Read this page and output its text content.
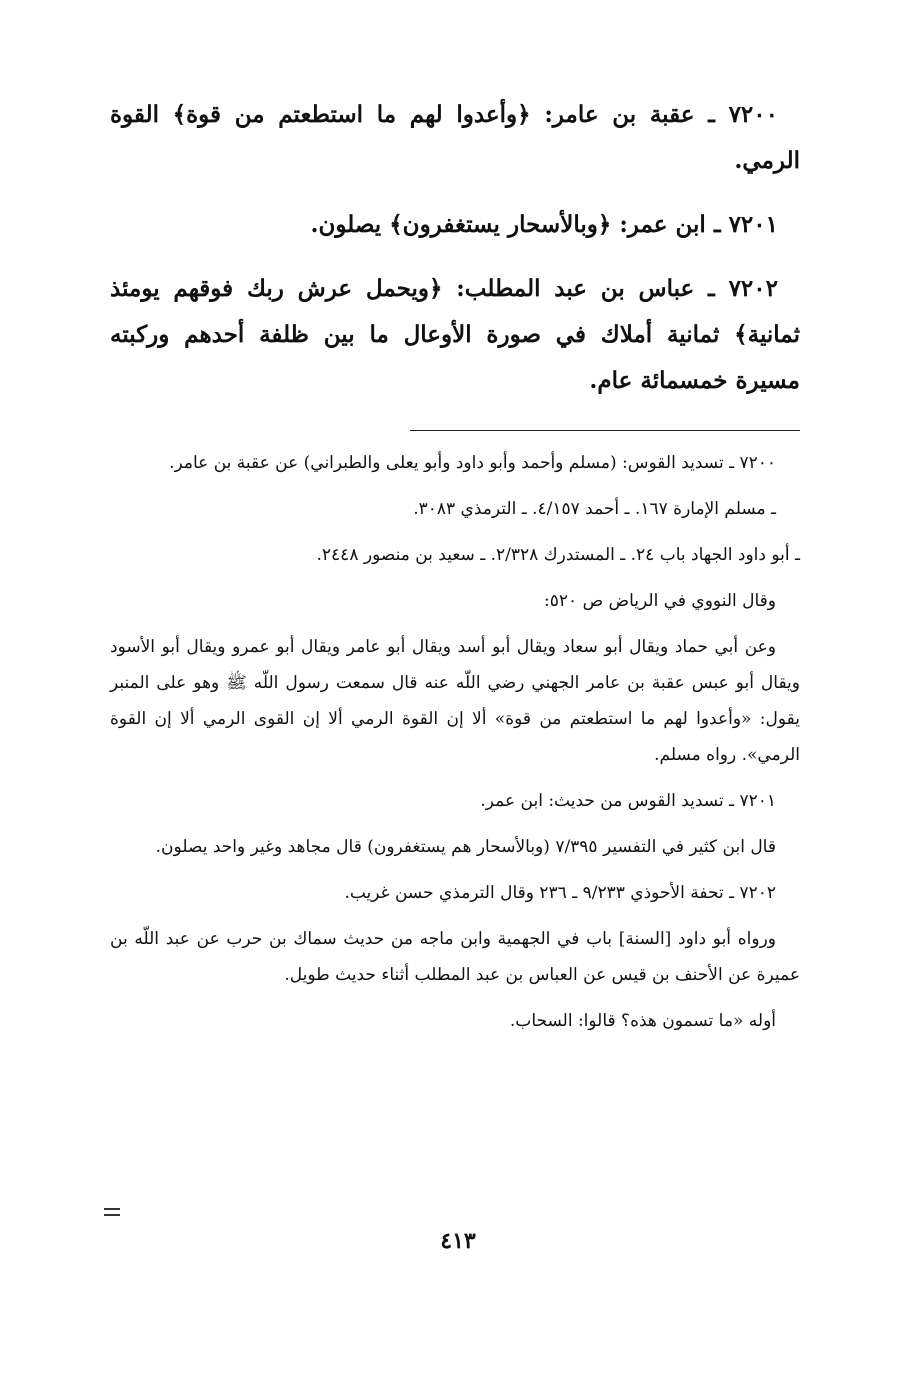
٧٢٠٠ ـ عقبة بن عامر: ﴿وأعدوا لهم ما استطعتم من قوة﴾ القوة الرمي.

٧٢٠١ ـ ابن عمر: ﴿وبالأسحار يستغفرون﴾ يصلون.

٧٢٠٢ ـ عباس بن عبد المطلب: ﴿ويحمل عرش ربك فوقهم يومئذ ثمانية﴾ ثمانية أملاك في صورة الأوعال ما بين ظلفة أحدهم وركبته مسيرة خمسمائة عام.

٧٢٠٠ ـ تسديد القوس: (مسلم وأحمد وأبو داود وأبو يعلى والطبراني) عن عقبة بن عامر.

ـ مسلم الإمارة ١٦٧. ـ أحمد ٤/١٥٧. ـ الترمذي ٣٠٨٣.

ـ أبو داود الجهاد باب ٢٤. ـ المستدرك ٢/٣٢٨. ـ سعيد بن منصور ٢٤٤٨.

وقال النووي في الرياض ص ٥٢٠:

وعن أبي حماد ويقال أبو سعاد ويقال أبو أسد ويقال أبو عامر ويقال أبو عمرو ويقال أبو الأسود ويقال أبو عبس عقبة بن عامر الجهني رضي اللّه عنه قال سمعت رسول اللّه ﷺ وهو على المنبر يقول: «وأعدوا لهم ما استطعتم من قوة» ألا إن القوة الرمي ألا إن القوى الرمي ألا إن القوة الرمي». رواه مسلم.

٧٢٠١ ـ تسديد القوس من حديث: ابن عمر.

قال ابن كثير في التفسير ٧/٣٩٥ (وبالأسحار هم يستغفرون) قال مجاهد وغير واحد يصلون.

٧٢٠٢ ـ تحفة الأحوذي ٩/٢٣٣ ـ ٢٣٦ وقال الترمذي حسن غريب.

ورواه أبو داود [السنة] باب في الجهمية وابن ماجه من حديث سماك بن حرب عن عبد اللّه بن عميرة عن الأحنف بن قيس عن العباس بن عبد المطلب أثناء حديث طويل.

أوله «ما تسمون هذه؟ قالوا: السحاب.

٤١٣
